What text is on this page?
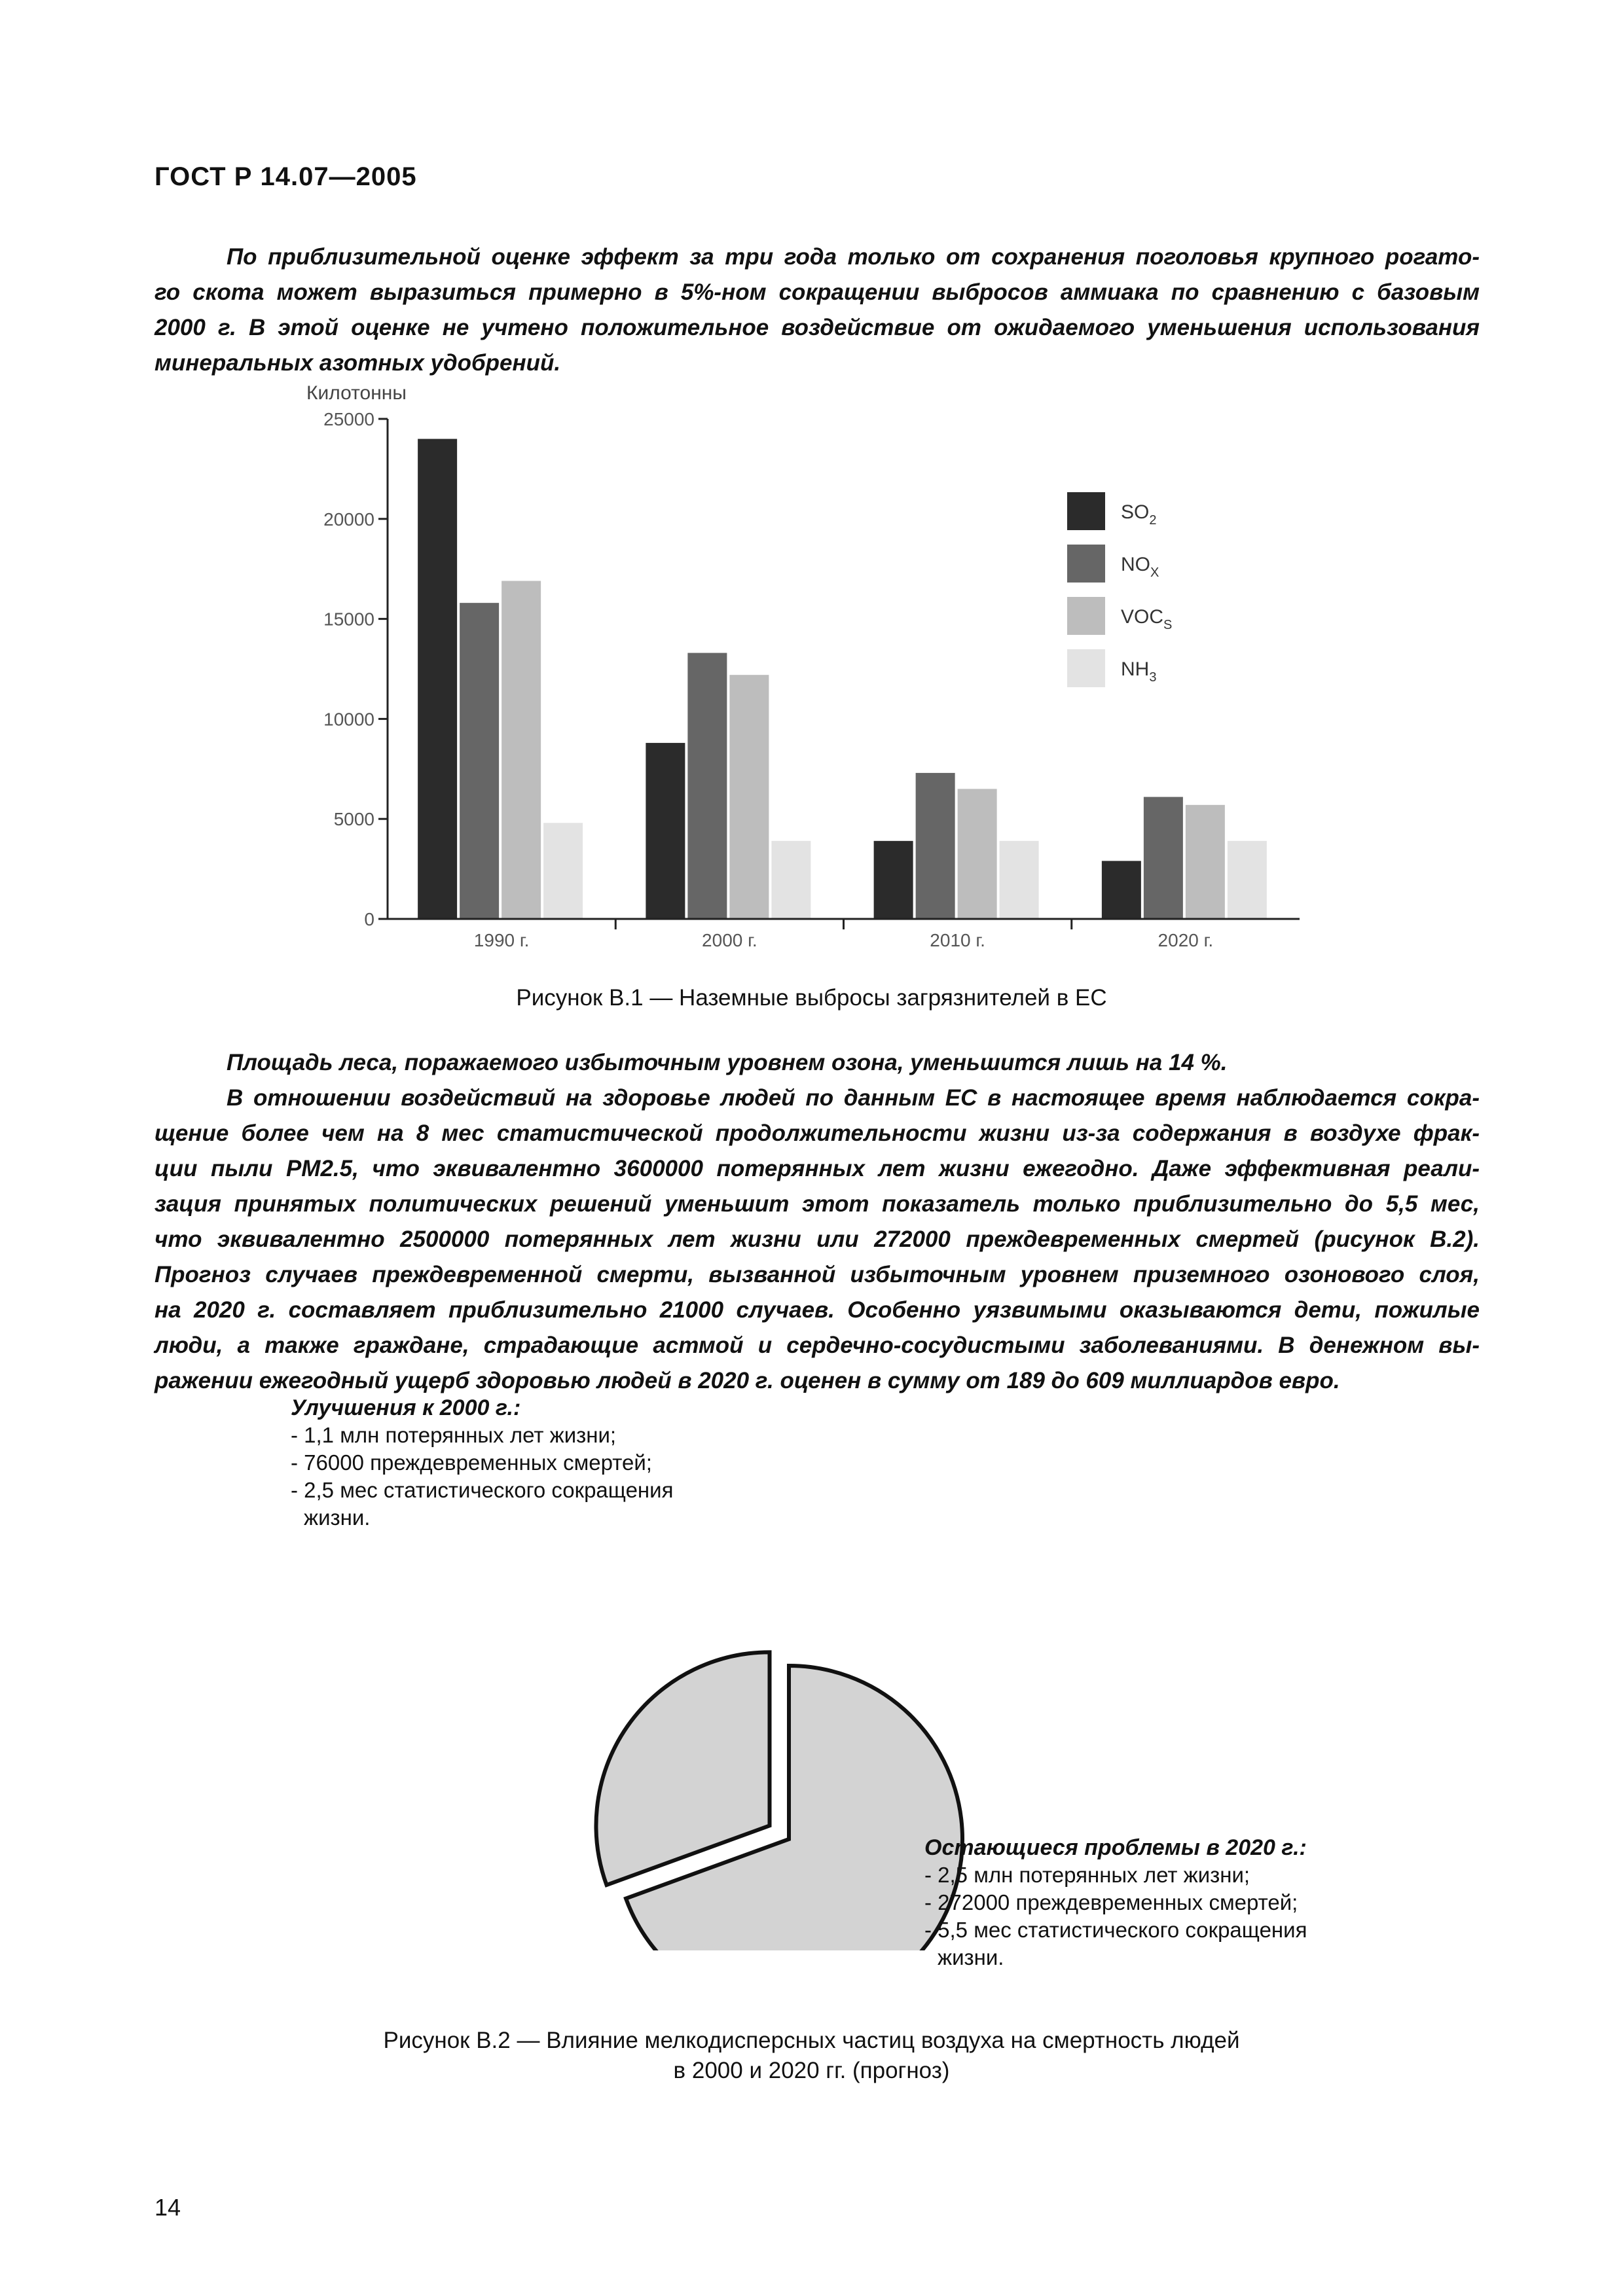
ГОСТ Р 14.07—2005
По приблизительной оценке эффект за три года только от сохранения поголовья крупного рогато-
го скота может выразиться примерно в 5%-ном сокращении выбросов аммиака по сравнению с базовым
2000 г. В этой оценке не учтено положительное воздействие от ожидаемого уменьшения использования
минеральных азотных удобрений.
Килотонны
0
5000
10000
15000
20000
25000
1990 г.	2000 г.	2010 г.	2020 г.
$SO_2$
$NO_X$
$VOC_S$
$NH_3$
Рисунок В.1 — Наземные выбросы загрязнителей в ЕС
Площадь леса, поражаемого избыточным уровнем озона, уменьшится лишь на 14 %.
В отношении воздействий на здоровье людей по данным ЕС в настоящее время наблюдается сокра-
щение более чем на 8 мес статистической продолжительности жизни из-за содержания в воздухе фрак-
ции пыли PM2.5, что эквивалентно 3600000 потерянных лет жизни ежегодно. Даже эффективная реали-
зация принятых политических решений уменьшит этот показатель только приблизительно до 5,5 мес,
что эквивалентно 2500000 потерянных лет жизни или 272000 преждевременных смертей (рисунок В.2).
Прогноз случаев преждевременной смерти, вызванной избыточным уровнем приземного озонового слоя,
на 2020 г. составляет приблизительно 21000 случаев. Особенно уязвимыми оказываются дети, пожилые
люди, а также граждане, страдающие астмой и сердечно-сосудистыми заболеваниями. В денежном вы-
ражении ежегодный ущерб здоровью людей в 2020 г. оценен в сумму от 189 до 609 миллиардов евро.
Улучшения к 2000 г.:
- 1,1 млн потерянных лет жизни;
- 76000 преждевременных смертей;
- 2,5 мес статистического сокращения
жизни.
Остающиеся проблемы в 2020 г.:
- 2,5 млн потерянных лет жизни;
- 272000 преждевременных смертей;
- 5,5 мес статистического сокращения
жизни.
Рисунок В.2 — Влияние мелкодисперсных частиц воздуха на смертность людей
в 2000 и 2020 гг. (прогноз)
14
